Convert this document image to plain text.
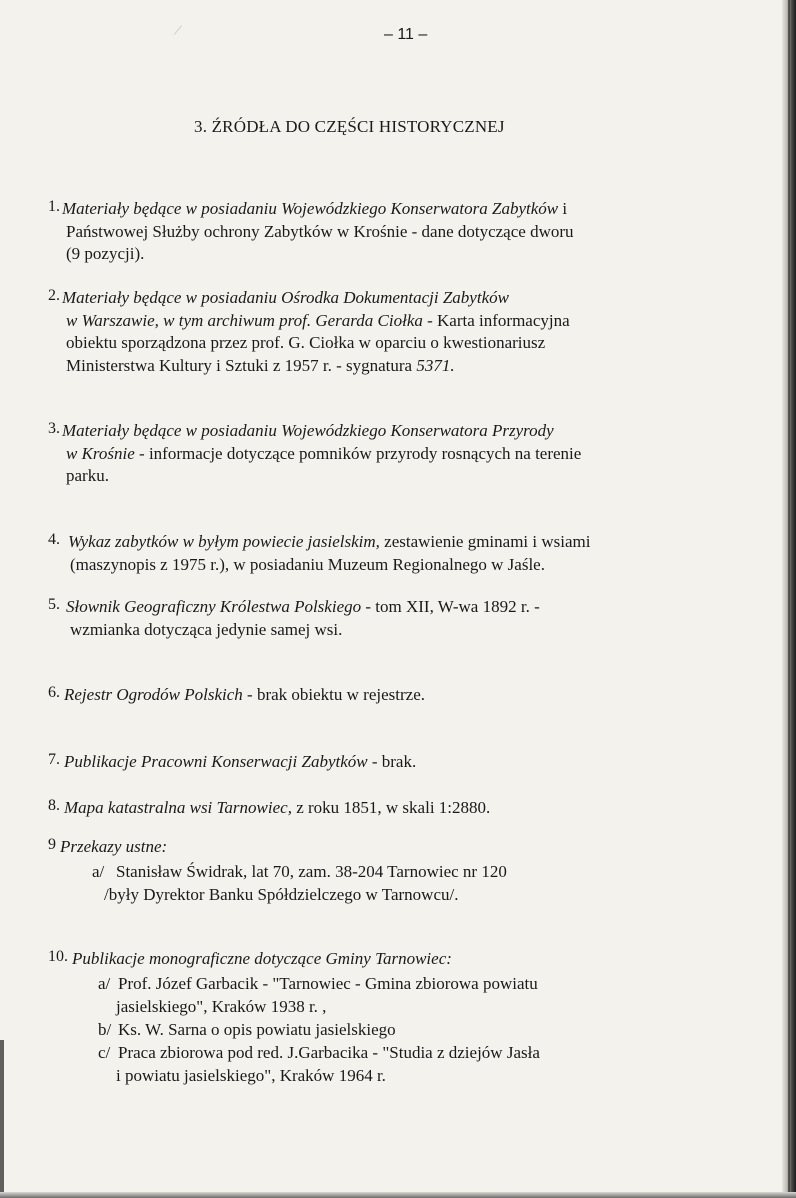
– 11 –
3. ŹRÓDŁA DO CZĘŚCI HISTORYCZNEJ
1. Materiały będące w posiadaniu Wojewódzkiego Konserwatora Zabytków i
Państwowej Służby ochrony Zabytków w Krośnie - dane dotyczące dworu
(9 pozycji).
2. Materiały będące w posiadaniu Ośrodka Dokumentacji Zabytków
w Warszawie, w tym archiwum prof. Gerarda Ciołka - Karta informacyjna
obiektu sporządzona przez prof. G. Ciołka w oparciu o kwestionariusz
Ministerstwa Kultury i Sztuki z 1957 r. - sygnatura 5371.
3. Materiały będące w posiadaniu Wojewódzkiego Konserwatora Przyrody
w Krośnie - informacje dotyczące pomników przyrody rosnących na terenie
parku.
4. Wykaz zabytków w byłym powiecie jasielskim, zestawienie gminami i wsiami
(maszynopis z 1975 r.), w posiadaniu Muzeum Regionalnego w Jaśle.
5. Słownik Geograficzny Królestwa Polskiego - tom XII, W-wa 1892 r. -
wzmianka dotycząca jedynie samej wsi.
6. Rejestr Ogrodów Polskich - brak obiektu w rejestrze.
7. Publikacje Pracowni Konserwacji Zabytków - brak.
8. Mapa katastralna wsi Tarnowiec, z roku 1851, w skali 1:2880.
9 Przekazy ustne:
a/ Stanisław Świdrak, lat 70, zam. 38-204 Tarnowiec nr 120
/były Dyrektor Banku Spółdzielczego w Tarnowcu/.
10. Publikacje monograficzne dotyczące Gminy Tarnowiec:
a/ Prof. Józef Garbacik - "Tarnowiec - Gmina zbiorowa powiatu
jasielskiego", Kraków 1938 r. ,
b/ Ks. W. Sarna o opis powiatu jasielskiego
c/ Praca zbiorowa pod red. J.Garbacika - "Studia z dziejów Jasła
i powiatu jasielskiego", Kraków 1964 r.
